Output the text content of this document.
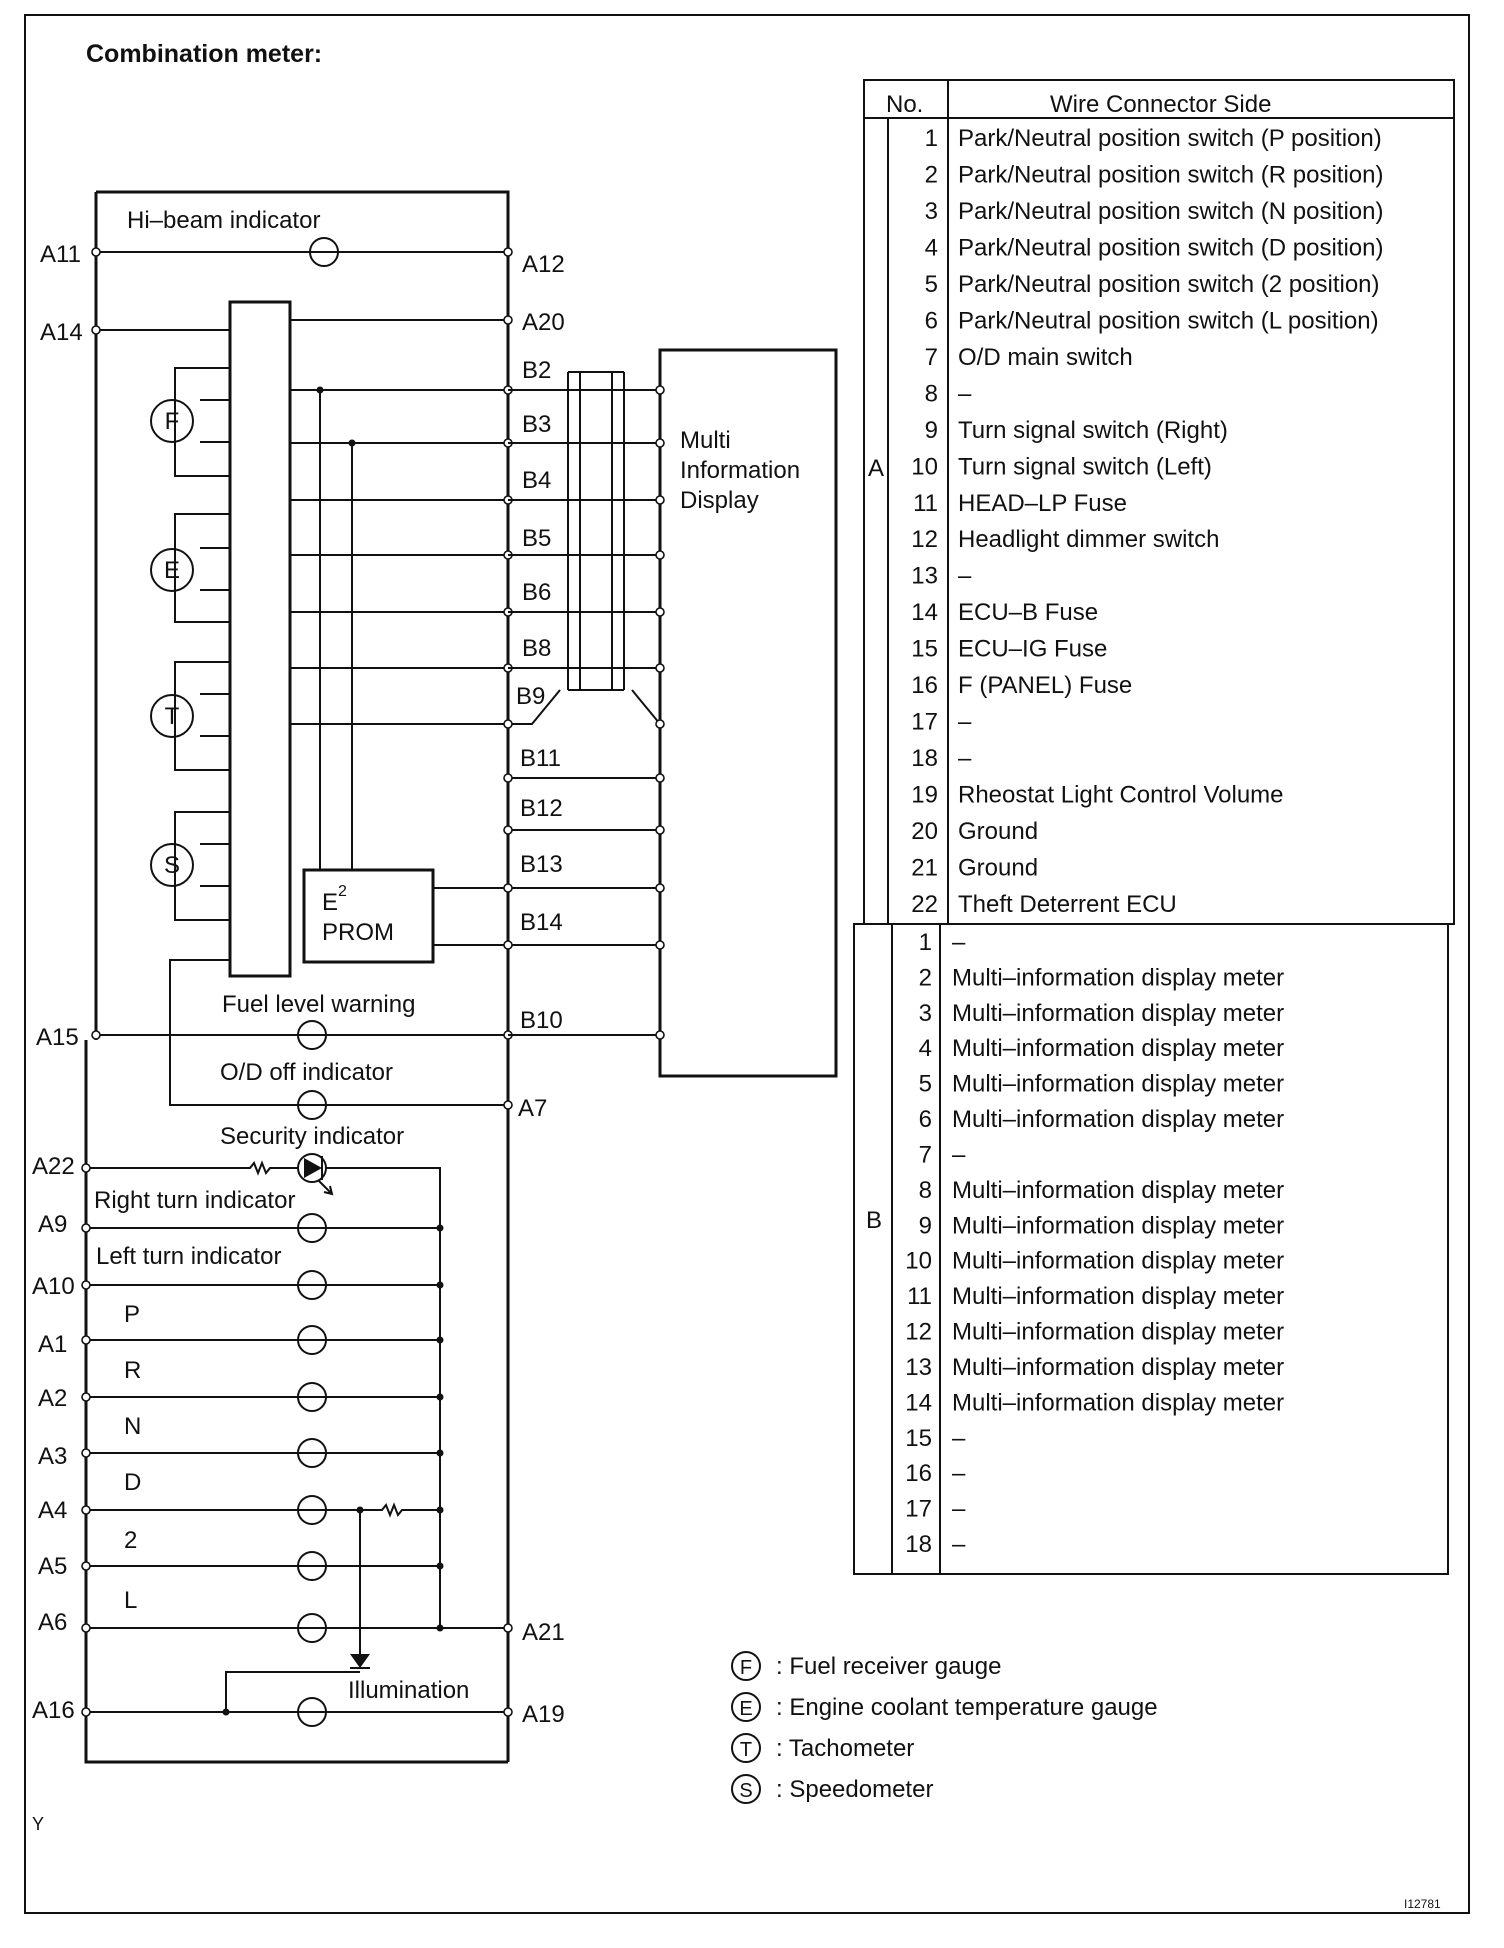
Combination meter:
Hi–beam indicator
E 2
PROM
F
E
T
S
Fuel level warning
O/D off indicator
Security indicator
Right turn indicator
Left turn indicator
P
R
N
D
2
L
Illumination
A11
A14
A15
A22
A9
A10
A1
A2
A3
A4
A5
A6
A16
A12
A20
B2
B3
B4
B5
B6
B8
B9
B11
B12
B13
B14
B10
A7
A21
A19
Multi
Information
Display
No.	Wire Connector Side
A
B
1 Park/Neutral position switch (P position)
2 Park/Neutral position switch (R position)
3 Park/Neutral position switch (N position)
4 Park/Neutral position switch (D position)
5 Park/Neutral position switch (2 position)
6 Park/Neutral position switch (L position)
7 O/D main switch
8 –
9 Turn signal switch (Right)
10 Turn signal switch (Left)
11 HEAD–LP Fuse
12 Headlight dimmer switch
13 –
14 ECU–B Fuse
15 ECU–IG Fuse
16 F (PANEL) Fuse
17 –
18 –
19 Rheostat Light Control Volume
20 Ground
21 Ground
22 Theft Deterrent ECU
1 –
2 Multi–information display meter
3 Multi–information display meter
4 Multi–information display meter
5 Multi–information display meter
6 Multi–information display meter
7 –
8 Multi–information display meter
9 Multi–information display meter
10 Multi–information display meter
11 Multi–information display meter
12 Multi–information display meter
13 Multi–information display meter
14 Multi–information display meter
15 –
16 –
17 –
18 –
F : Fuel receiver gauge
E : Engine coolant temperature gauge
T : Tachometer
S : Speedometer
Y
I12781
